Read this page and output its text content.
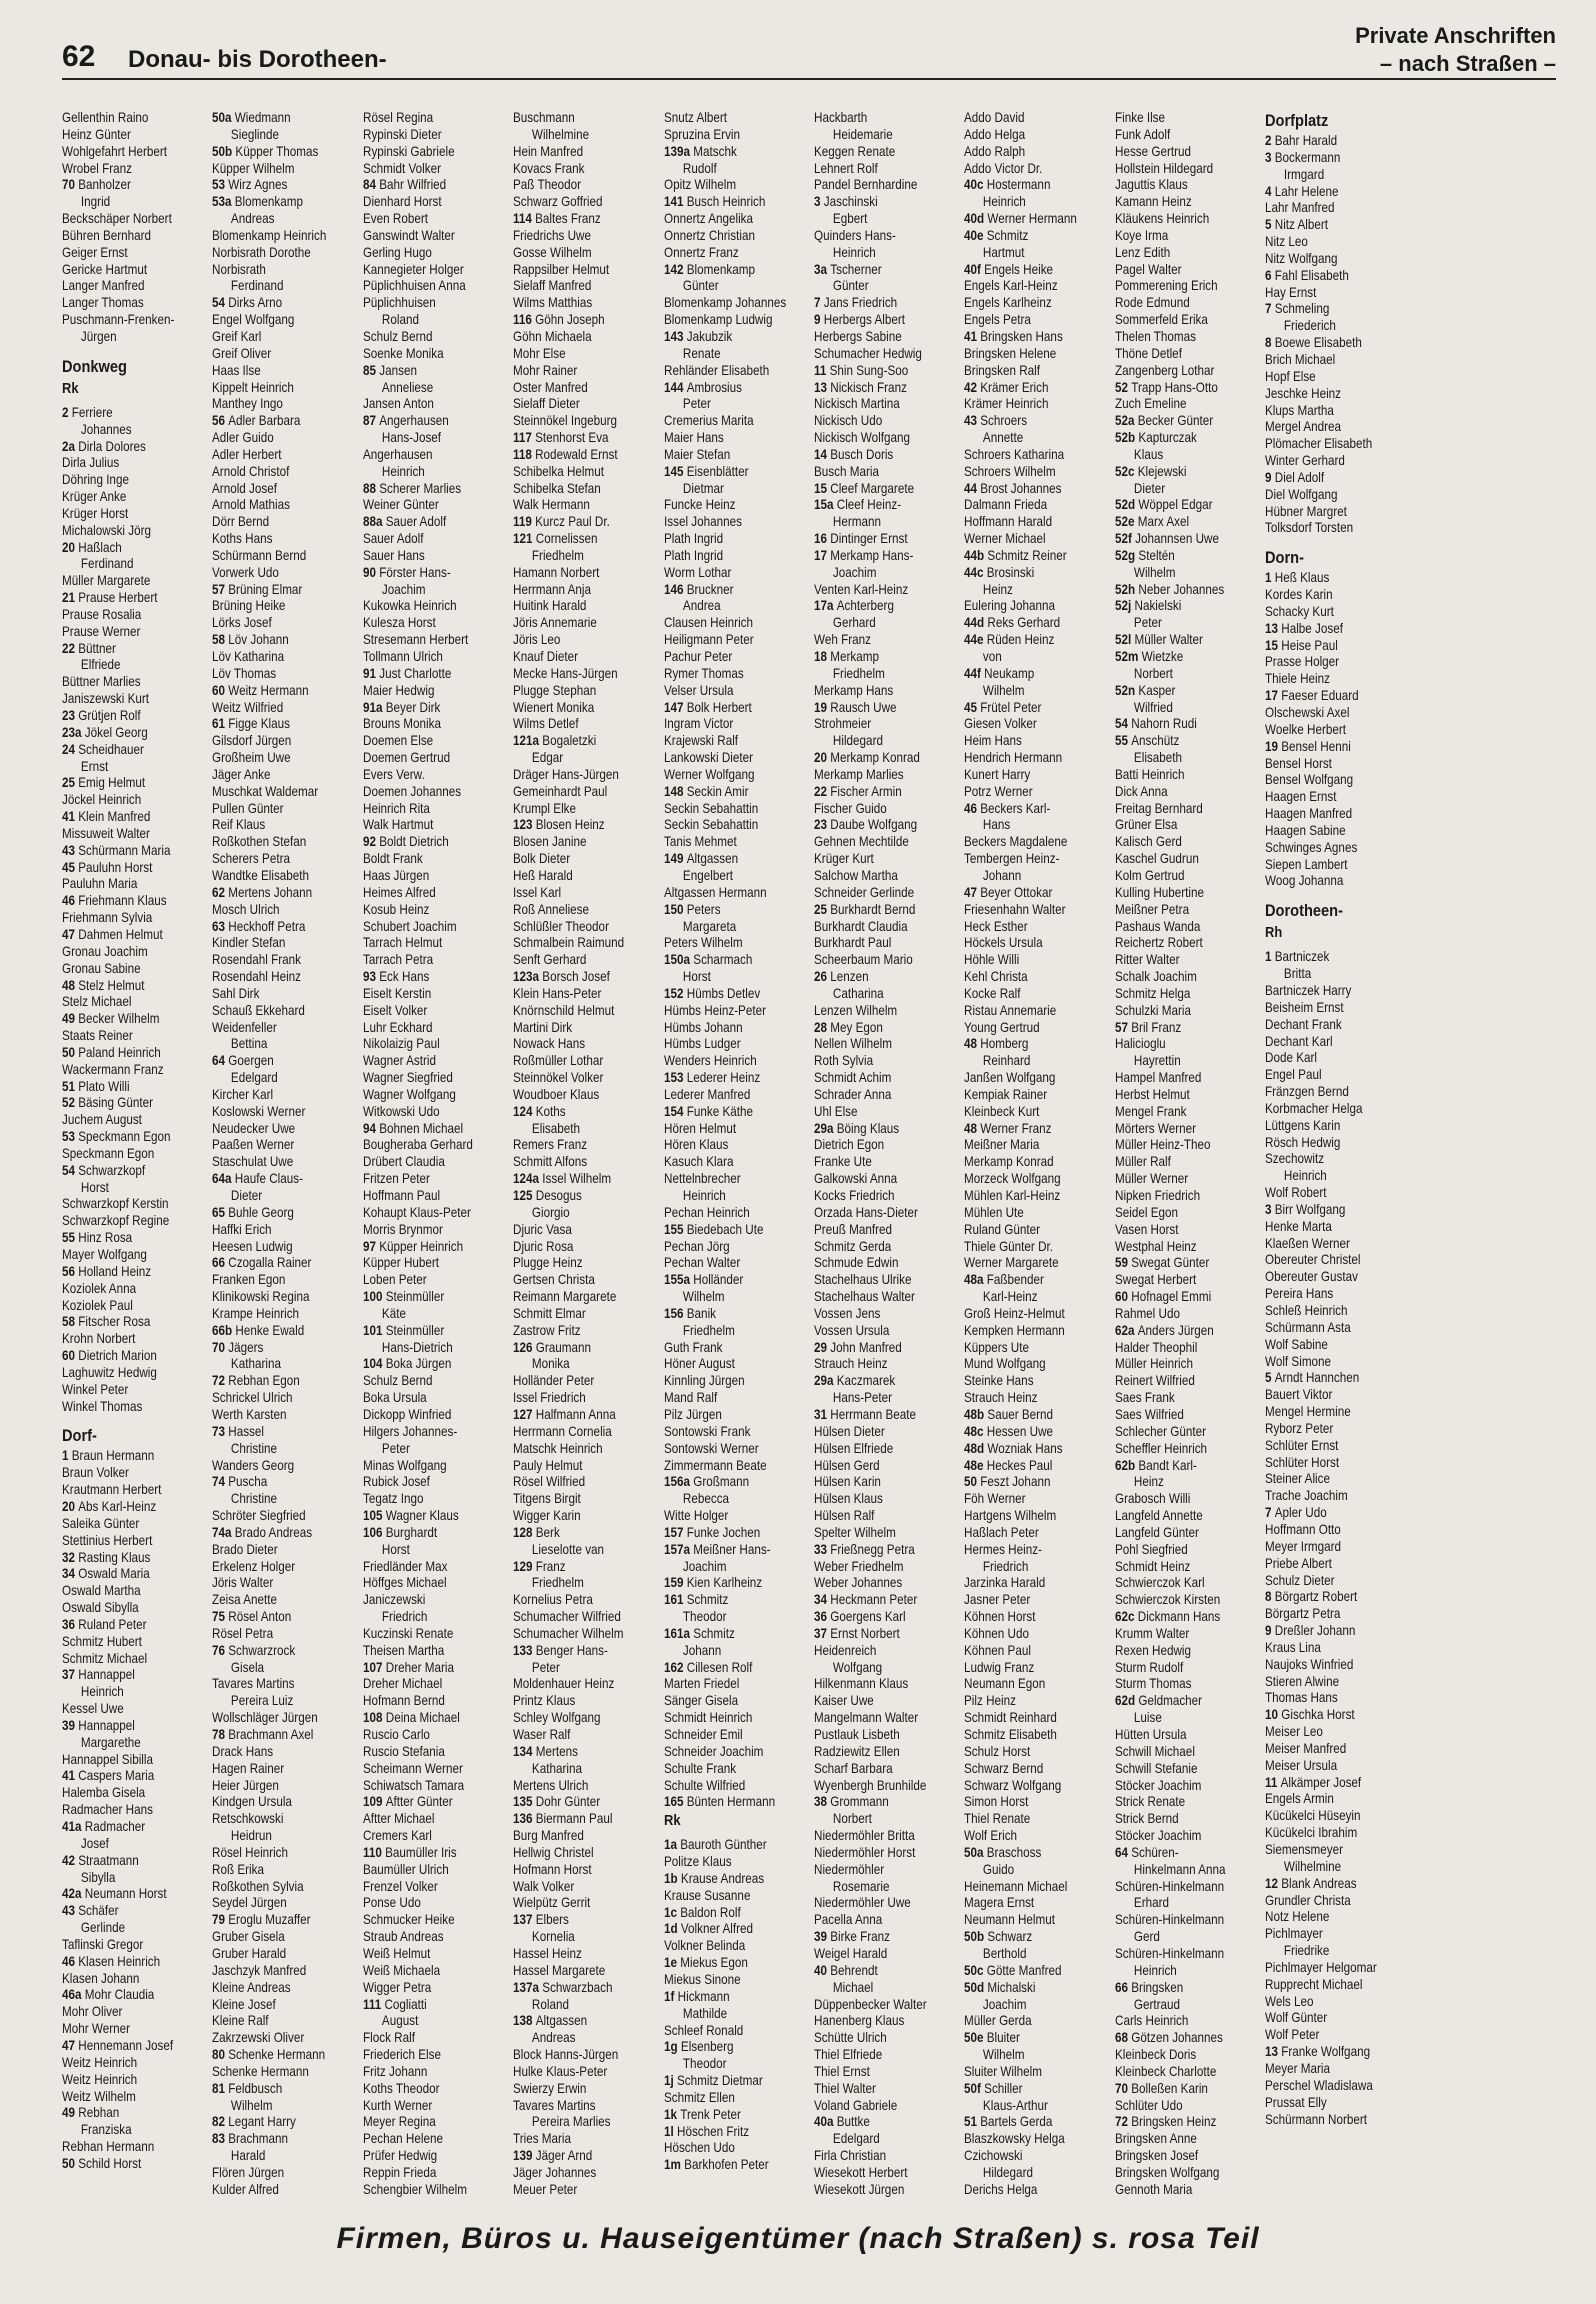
62 Donau- bis Dorotheen-
Private Anschriften
– nach Straßen –
Gellenthin Raino
Heinz Günter
Wohlgefahrt Herbert
Wrobel Franz
70 Banholzer
Ingrid
Beckschäper Norbert
Bühren Bernhard
Geiger Ernst
Gericke Hartmut
Langer Manfred
Langer Thomas
Puschmann-Frenken-
Jürgen
Donkweg
Rk
2 Ferriere
Johannes
2a Dirla Dolores
Dirla Julius
Döhring Inge
Krüger Anke
Krüger Horst
Michalowski Jörg
20 Haßlach
Ferdinand
Müller Margarete
21 Prause Herbert
Prause Rosalia
Prause Werner
22 Büttner
Elfriede
Büttner Marlies
Janiszewski Kurt
23 Grütjen Rolf
23a Jökel Georg
24 Scheidhauer
Ernst
25 Emig Helmut
Jöckel Heinrich
41 Klein Manfred
Missuweit Walter
43 Schürmann Maria
45 Pauluhn Horst
Pauluhn Maria
46 Friehmann Klaus
Friehmann Sylvia
47 Dahmen Helmut
Gronau Joachim
Gronau Sabine
48 Stelz Helmut
Stelz Michael
49 Becker Wilhelm
Staats Reiner
50 Paland Heinrich
Wackermann Franz
51 Plato Willi
52 Bäsing Günter
Juchem August
53 Speckmann Egon
Speckmann Egon
54 Schwarzkopf
Horst
Schwarzkopf Kerstin
Schwarzkopf Regine
55 Hinz Rosa
Mayer Wolfgang
56 Holland Heinz
Koziolek Anna
Koziolek Paul
58 Fitscher Rosa
Krohn Norbert
60 Dietrich Marion
Laghuwitz Hedwig
Winkel Peter
Winkel Thomas
Dorf-
1 Braun Hermann
Braun Volker
Krautmann Herbert
20 Abs Karl-Heinz
Saleika Günter
Stettinius Herbert
32 Rasting Klaus
34 Oswald Maria
Oswald Martha
Oswald Sibylla
36 Ruland Peter
Schmitz Hubert
Schmitz Michael
37 Hannappel
Heinrich
Kessel Uwe
39 Hannappel
Margarethe
Hannappel Sibilla
41 Caspers Maria
Halemba Gisela
Radmacher Hans
41a Radmacher
Josef
42 Straatmann
Sibylla
42a Neumann Horst
43 Schäfer
Gerlinde
Taflinski Gregor
46 Klasen Heinrich
Klasen Johann
46a Mohr Claudia
Mohr Oliver
Mohr Werner
47 Hennemann Josef
Weitz Heinrich
Weitz Heinrich
Weitz Wilhelm
49 Rebhan
Franziska
Rebhan Hermann
50 Schild Horst
50a Wiedmann
Sieglinde
50b Küpper Thomas
Küpper Wilhelm
53 Wirz Agnes
53a Blomenkamp
Andreas
Blomenkamp Heinrich
Norbisrath Dorothe
Norbisrath
Ferdinand
54 Dirks Arno
Engel Wolfgang
Greif Karl
Greif Oliver
Haas Ilse
Kippelt Heinrich
Manthey Ingo
56 Adler Barbara
Adler Guido
Adler Herbert
Arnold Christof
Arnold Josef
Arnold Mathias
Dörr Bernd
Koths Hans
Schürmann Bernd
Vorwerk Udo
57 Brüning Elmar
Brüning Heike
Lörks Josef
58 Löv Johann
Löv Katharina
Löv Thomas
60 Weitz Hermann
Weitz Wilfried
61 Figge Klaus
Gilsdorf Jürgen
Großheim Uwe
Jäger Anke
Muschkat Waldemar
Pullen Günter
Reif Klaus
Roßkothen Stefan
Scherers Petra
Wandtke Elisabeth
62 Mertens Johann
Mosch Ulrich
63 Heckhoff Petra
Kindler Stefan
Rosendahl Frank
Rosendahl Heinz
Sahl Dirk
Schauß Ekkehard
Weidenfeller
Bettina
64 Goergen
Edelgard
Kircher Karl
Koslowski Werner
Neudecker Uwe
Paaßen Werner
Staschulat Uwe
64a Haufe Claus-
Dieter
65 Buhle Georg
Haffki Erich
Heesen Ludwig
66 Czogalla Rainer
Franken Egon
Klinikowski Regina
Krampe Heinrich
66b Henke Ewald
70 Jägers
Katharina
72 Rebhan Egon
Schrickel Ulrich
Werth Karsten
73 Hassel
Christine
Wanders Georg
74 Puscha
Christine
Schröter Siegfried
74a Brado Andreas
Brado Dieter
Erkelenz Holger
Jöris Walter
Zeisa Anette
75 Rösel Anton
Rösel Petra
76 Schwarzrock
Gisela
Tavares Martins
Pereira Luiz
Wollschläger Jürgen
78 Brachmann Axel
Drack Hans
Hagen Rainer
Heier Jürgen
Kindgen Ursula
Retschkowski
Heidrun
Rösel Heinrich
Roß Erika
Roßkothen Sylvia
Seydel Jürgen
79 Eroglu Muzaffer
Gruber Gisela
Gruber Harald
Jaschzyk Manfred
Kleine Andreas
Kleine Josef
Kleine Ralf
Zakrzewski Oliver
80 Schenke Hermann
Schenke Hermann
81 Feldbusch
Wilhelm
82 Legant Harry
83 Brachmann
Harald
Flören Jürgen
Kulder Alfred
Rösel Regina
Rypinski Dieter
Rypinski Gabriele
Schmidt Volker
84 Bahr Wilfried
Dienhard Horst
Even Robert
Ganswindt Walter
Gerling Hugo
Kannegieter Holger
Püplichhuisen Anna
Püplichhuisen
Roland
Schulz Bernd
Soenke Monika
85 Jansen
Anneliese
Jansen Anton
87 Angerhausen
Hans-Josef
Angerhausen
Heinrich
88 Scherer Marlies
Weiner Günter
88a Sauer Adolf
Sauer Adolf
Sauer Hans
90 Förster Hans-
Joachim
Kukowka Heinrich
Kulesza Horst
Stresemann Herbert
Tollmann Ulrich
91 Just Charlotte
Maier Hedwig
91a Beyer Dirk
Brouns Monika
Doemen Else
Doemen Gertrud
Evers Verw.
Doemen Johannes
Heinrich Rita
Walk Hartmut
92 Boldt Dietrich
Boldt Frank
Haas Jürgen
Heimes Alfred
Kosub Heinz
Schubert Joachim
Tarrach Helmut
Tarrach Petra
93 Eck Hans
Eiselt Kerstin
Eiselt Volker
Luhr Eckhard
Nikolaizig Paul
Wagner Astrid
Wagner Siegfried
Wagner Wolfgang
Witkowski Udo
94 Bohnen Michael
Bougheraba Gerhard
Drübert Claudia
Fritzen Peter
Hoffmann Paul
Kohaupt Klaus-Peter
Morris Brynmor
97 Küpper Heinrich
Küpper Hubert
Loben Peter
100 Steinmüller
Käte
101 Steinmüller
Hans-Dietrich
104 Boka Jürgen
Schulz Bernd
Boka Ursula
Dickopp Winfried
Hilgers Johannes-
Peter
Minas Wolfgang
Rubick Josef
Tegatz Ingo
105 Wagner Klaus
106 Burghardt
Horst
Friedländer Max
Höffges Michael
Janiczewski
Friedrich
Kuczinski Renate
Theisen Martha
107 Dreher Maria
Dreher Michael
Hofmann Bernd
108 Deina Michael
Ruscio Carlo
Ruscio Stefania
Scheimann Werner
Schiwatsch Tamara
109 Aftter Günter
Aftter Michael
Cremers Karl
110 Baumüller Iris
Baumüller Ulrich
Frenzel Volker
Ponse Udo
Schmucker Heike
Straub Andreas
Weiß Helmut
Weiß Michaela
Wigger Petra
111 Cogliatti
August
Flock Ralf
Friederich Else
Fritz Johann
Koths Theodor
Kurth Werner
Meyer Regina
Pechan Helene
Prüfer Hedwig
Reppin Frieda
Schengbier Wilhelm
Buschmann
Wilhelmine
Hein Manfred
Kovacs Frank
Paß Theodor
Schwarz Goffried
114 Baltes Franz
Friedrichs Uwe
Gosse Wilhelm
Rappsilber Helmut
Sielaff Manfred
Wilms Matthias
116 Göhn Joseph
Göhn Michaela
Mohr Else
Mohr Rainer
Oster Manfred
Sielaff Dieter
Steinnökel Ingeburg
117 Stenhorst Eva
118 Rodewald Ernst
Schibelka Helmut
Schibelka Stefan
Walk Hermann
119 Kurcz Paul Dr.
121 Cornelissen
Friedhelm
Hamann Norbert
Herrmann Anja
Huitink Harald
Jöris Annemarie
Jöris Leo
Knauf Dieter
Mecke Hans-Jürgen
Plugge Stephan
Wienert Monika
Wilms Detlef
121a Bogaletzki
Edgar
Dräger Hans-Jürgen
Gemeinhardt Paul
Krumpl Elke
123 Blosen Heinz
Blosen Janine
Bolk Dieter
Heß Harald
Issel Karl
Roß Anneliese
Schlüßler Theodor
Schmalbein Raimund
Senft Gerhard
123a Borsch Josef
Klein Hans-Peter
Knörnschild Helmut
Martini Dirk
Nowack Hans
Roßmüller Lothar
Steinnökel Volker
Woudboer Klaus
124 Koths
Elisabeth
Remers Franz
Schmitt Alfons
124a Issel Wilhelm
125 Desogus
Giorgio
Djuric Vasa
Djuric Rosa
Plugge Heinz
Gertsen Christa
Reimann Margarete
Schmitt Elmar
Zastrow Fritz
126 Graumann
Monika
Holländer Peter
Issel Friedrich
127 Halfmann Anna
Herrmann Cornelia
Matschk Heinrich
Pauly Helmut
Rösel Wilfried
Titgens Birgit
Wigger Karin
128 Berk
Lieselotte van
129 Franz
Friedhelm
Kornelius Petra
Schumacher Wilfried
Schumacher Wilhelm
133 Benger Hans-
Peter
Moldenhauer Heinz
Printz Klaus
Schley Wolfgang
Waser Ralf
134 Mertens
Katharina
Mertens Ulrich
135 Dohr Günter
136 Biermann Paul
Burg Manfred
Hellwig Christel
Hofmann Horst
Walk Volker
Wielpütz Gerrit
137 Elbers
Kornelia
Hassel Heinz
Hassel Margarete
137a Schwarzbach
Roland
138 Altgassen
Andreas
Block Hanns-Jürgen
Hulke Klaus-Peter
Swierzy Erwin
Tavares Martins
Pereira Marlies
Tries Maria
139 Jäger Arnd
Jäger Johannes
Meuer Peter
Snutz Albert
Spruzina Ervin
139a Matschk
Rudolf
Opitz Wilhelm
141 Busch Heinrich
Onnertz Angelika
Onnertz Christian
Onnertz Franz
142 Blomenkamp
Günter
Blomenkamp Johannes
Blomenkamp Ludwig
143 Jakubzik
Renate
Rehländer Elisabeth
144 Ambrosius
Peter
Cremerius Marita
Maier Hans
Maier Stefan
145 Eisenblätter
Dietmar
Funcke Heinz
Issel Johannes
Plath Ingrid
Plath Ingrid
Worm Lothar
146 Bruckner
Andrea
Clausen Heinrich
Heiligmann Peter
Pachur Peter
Rymer Thomas
Velser Ursula
147 Bolk Herbert
Ingram Victor
Krajewski Ralf
Lankowski Dieter
Werner Wolfgang
148 Seckin Amir
Seckin Sebahattin
Seckin Sebahattin
Tanis Mehmet
149 Altgassen
Engelbert
Altgassen Hermann
150 Peters
Margareta
Peters Wilhelm
150a Scharmach
Horst
152 Hümbs Detlev
Hümbs Heinz-Peter
Hümbs Johann
Hümbs Ludger
Wenders Heinrich
153 Lederer Heinz
Lederer Manfred
154 Funke Käthe
Hören Helmut
Hören Klaus
Kasuch Klara
Nettelnbrecher
Heinrich
Pechan Heinrich
155 Biedebach Ute
Pechan Jörg
Pechan Walter
155a Holländer
Wilhelm
156 Banik
Friedhelm
Guth Frank
Höner August
Kinnling Jürgen
Mand Ralf
Pilz Jürgen
Sontowski Frank
Sontowski Werner
Zimmermann Beate
156a Großmann
Rebecca
Witte Holger
157 Funke Jochen
157a Meißner Hans-
Joachim
159 Kien Karlheinz
161 Schmitz
Theodor
161a Schmitz
Johann
162 Cillesen Rolf
Marten Friedel
Sänger Gisela
Schmidt Heinrich
Schneider Emil
Schneider Joachim
Schulte Frank
Schulte Wilfried
165 Bünten Hermann
Rk
1a Bauroth Günther
Politze Klaus
1b Krause Andreas
Krause Susanne
1c Baldon Rolf
1d Volkner Alfred
Volkner Belinda
1e Miekus Egon
Miekus Sinone
1f Hickmann
Mathilde
Schleef Ronald
1g Elsenberg
Theodor
1j Schmitz Dietmar
Schmitz Ellen
1k Trenk Peter
1l Höschen Fritz
Höschen Udo
1m Barkhofen Peter
Hackbarth
Heidemarie
Keggen Renate
Lehnert Rolf
Pandel Bernhardine
3 Jaschinski
Egbert
Quinders Hans-
Heinrich
3a Tscherner
Günter
7 Jans Friedrich
9 Herbergs Albert
Herbergs Sabine
Schumacher Hedwig
11 Shin Sung-Soo
13 Nickisch Franz
Nickisch Martina
Nickisch Udo
Nickisch Wolfgang
14 Busch Doris
Busch Maria
15 Cleef Margarete
15a Cleef Heinz-
Hermann
16 Dintinger Ernst
17 Merkamp Hans-
Joachim
Venten Karl-Heinz
17a Achterberg
Gerhard
Weh Franz
18 Merkamp
Friedhelm
Merkamp Hans
19 Rausch Uwe
Strohmeier
Hildegard
20 Merkamp Konrad
Merkamp Marlies
22 Fischer Armin
Fischer Guido
23 Daube Wolfgang
Gehnen Mechtilde
Krüger Kurt
Salchow Martha
Schneider Gerlinde
25 Burkhardt Bernd
Burkhardt Claudia
Burkhardt Paul
Scheerbaum Mario
26 Lenzen
Catharina
Lenzen Wilhelm
28 Mey Egon
Nellen Wilhelm
Roth Sylvia
Schmidt Achim
Schrader Anna
Uhl Else
29a Böing Klaus
Dietrich Egon
Franke Ute
Galkowski Anna
Kocks Friedrich
Orzada Hans-Dieter
Preuß Manfred
Schmitz Gerda
Schmude Edwin
Stachelhaus Ulrike
Stachelhaus Walter
Vossen Jens
Vossen Ursula
29 John Manfred
Strauch Heinz
29a Kaczmarek
Hans-Peter
31 Herrmann Beate
Hülsen Dieter
Hülsen Elfriede
Hülsen Gerd
Hülsen Karin
Hülsen Klaus
Hülsen Ralf
Spelter Wilhelm
33 Frießnegg Petra
Weber Friedhelm
Weber Johannes
34 Heckmann Peter
36 Goergens Karl
37 Ernst Norbert
Heidenreich
Wolfgang
Hilkenmann Klaus
Kaiser Uwe
Mangelmann Walter
Pustlauk Lisbeth
Radziewitz Ellen
Scharf Barbara
Wyenbergh Brunhilde
38 Grommann
Norbert
Niedermöhler Britta
Niedermöhler Horst
Niedermöhler
Rosemarie
Niedermöhler Uwe
Pacella Anna
39 Birke Franz
Weigel Harald
40 Behrendt
Michael
Düppenbecker Walter
Hanenberg Klaus
Schütte Ulrich
Thiel Elfriede
Thiel Ernst
Thiel Walter
Voland Gabriele
40a Buttke
Edelgard
Firla Christian
Wiesekott Herbert
Wiesekott Jürgen
Addo David
Addo Helga
Addo Ralph
Addo Victor Dr.
40c Hostermann
Heinrich
40d Werner Hermann
40e Schmitz
Hartmut
40f Engels Heike
Engels Karl-Heinz
Engels Karlheinz
Engels Petra
41 Bringsken Hans
Bringsken Helene
Bringsken Ralf
42 Krämer Erich
Krämer Heinrich
43 Schroers
Annette
Schroers Katharina
Schroers Wilhelm
44 Brost Johannes
Dalmann Frieda
Hoffmann Harald
Werner Michael
44b Schmitz Reiner
44c Brosinski
Heinz
Eulering Johanna
44d Reks Gerhard
44e Rüden Heinz
von
44f Neukamp
Wilhelm
45 Frütel Peter
Giesen Volker
Heim Hans
Hendrich Hermann
Kunert Harry
Potrz Werner
46 Beckers Karl-
Hans
Beckers Magdalene
Tembergen Heinz-
Johann
47 Beyer Ottokar
Friesenhahn Walter
Heck Esther
Höckels Ursula
Höhle Willi
Kehl Christa
Kocke Ralf
Ristau Annemarie
Young Gertrud
48 Homberg
Reinhard
Janßen Wolfgang
Kempiak Rainer
Kleinbeck Kurt
48 Werner Franz
Meißner Maria
Merkamp Konrad
Morzeck Wolfgang
Mühlen Karl-Heinz
Mühlen Ute
Ruland Günter
Thiele Günter Dr.
Werner Margarete
48a Faßbender
Karl-Heinz
Groß Heinz-Helmut
Kempken Hermann
Küppers Ute
Mund Wolfgang
Steinke Hans
Strauch Heinz
48b Sauer Bernd
48c Hessen Uwe
48d Wozniak Hans
48e Heckes Paul
50 Feszt Johann
Föh Werner
Hartgens Wilhelm
Haßlach Peter
Hermes Heinz-
Friedrich
Jarzinka Harald
Jasner Peter
Köhnen Horst
Köhnen Udo
Köhnen Paul
Ludwig Franz
Neumann Egon
Pilz Heinz
Schmidt Reinhard
Schmitz Elisabeth
Schulz Horst
Schwarz Bernd
Schwarz Wolfgang
Simon Horst
Thiel Renate
Wolf Erich
50a Braschoss
Guido
Heinemann Michael
Magera Ernst
Neumann Helmut
50b Schwarz
Berthold
50c Götte Manfred
50d Michalski
Joachim
Müller Gerda
50e Bluiter
Wilhelm
Sluiter Wilhelm
50f Schiller
Klaus-Arthur
51 Bartels Gerda
Blaszkowsky Helga
Czichowski
Hildegard
Derichs Helga
Finke Ilse
Funk Adolf
Hesse Gertrud
Hollstein Hildegard
Jaguttis Klaus
Kamann Heinz
Kläukens Heinrich
Koye Irma
Lenz Edith
Pagel Walter
Pommerening Erich
Rode Edmund
Sommerfeld Erika
Thelen Thomas
Thöne Detlef
Zangenberg Lothar
52 Trapp Hans-Otto
Zuch Emeline
52a Becker Günter
52b Kapturczak
Klaus
52c Klejewski
Dieter
52d Wöppel Edgar
52e Marx Axel
52f Johannsen Uwe
52g Steltén
Wilhelm
52h Neber Johannes
52j Nakielski
Peter
52l Müller Walter
52m Wietzke
Norbert
52n Kasper
Wilfried
54 Nahorn Rudi
55 Anschütz
Elisabeth
Batti Heinrich
Dick Anna
Freitag Bernhard
Grüner Elsa
Kalisch Gerd
Kaschel Gudrun
Kolm Gertrud
Kulling Hubertine
Meißner Petra
Pashaus Wanda
Reichertz Robert
Ritter Walter
Schalk Joachim
Schmitz Helga
Schulzki Maria
57 Bril Franz
Halicioglu
Hayrettin
Hampel Manfred
Herbst Helmut
Mengel Frank
Mörters Werner
Müller Heinz-Theo
Müller Ralf
Müller Werner
Nipken Friedrich
Seidel Egon
Vasen Horst
Westphal Heinz
59 Swegat Günter
Swegat Herbert
60 Hofnagel Emmi
Rahmel Udo
62a Anders Jürgen
Halder Theophil
Müller Heinrich
Reinert Wilfried
Saes Frank
Saes Wilfried
Schlecher Günter
Scheffler Heinrich
62b Bandt Karl-
Heinz
Grabosch Willi
Langfeld Annette
Langfeld Günter
Pohl Siegfried
Schmidt Heinz
Schwierczok Karl
Schwierczok Kirsten
62c Dickmann Hans
Krumm Walter
Rexen Hedwig
Sturm Rudolf
Sturm Thomas
62d Geldmacher
Luise
Hütten Ursula
Schwill Michael
Schwill Stefanie
Stöcker Joachim
Strick Renate
Strick Bernd
Stöcker Joachim
64 Schüren-
Hinkelmann Anna
Schüren-Hinkelmann
Erhard
Schüren-Hinkelmann
Gerd
Schüren-Hinkelmann
Heinrich
66 Bringsken
Gertraud
Carls Heinrich
68 Götzen Johannes
Kleinbeck Doris
Kleinbeck Charlotte
70 Bolleßen Karin
Schlüter Udo
72 Bringsken Heinz
Bringsken Anne
Bringsken Josef
Bringsken Wolfgang
Gennoth Maria
Dorfplatz
2 Bahr Harald
3 Bockermann
Irmgard
4 Lahr Helene
Lahr Manfred
5 Nitz Albert
Nitz Leo
Nitz Wolfgang
6 Fahl Elisabeth
Hay Ernst
7 Schmeling
Friederich
8 Boewe Elisabeth
Brich Michael
Hopf Else
Jeschke Heinz
Klups Martha
Mergel Andrea
Plömacher Elisabeth
Winter Gerhard
9 Diel Adolf
Diel Wolfgang
Hübner Margret
Tolksdorf Torsten
Dorn-
1 Heß Klaus
Kordes Karin
Schacky Kurt
13 Halbe Josef
15 Heise Paul
Prasse Holger
Thiele Heinz
17 Faeser Eduard
Olschewski Axel
Woelke Herbert
19 Bensel Henni
Bensel Horst
Bensel Wolfgang
Haagen Ernst
Haagen Manfred
Haagen Sabine
Schwinges Agnes
Siepen Lambert
Woog Johanna
Dorotheen-
Rh
1 Bartniczek
Britta
Bartniczek Harry
Beisheim Ernst
Dechant Frank
Dechant Karl
Dode Karl
Engel Paul
Fränzgen Bernd
Korbmacher Helga
Lüttgens Karin
Rösch Hedwig
Szechowitz
Heinrich
Wolf Robert
3 Birr Wolfgang
Henke Marta
Klaeßen Werner
Obereuter Christel
Obereuter Gustav
Pereira Hans
Schleß Heinrich
Schürmann Asta
Wolf Sabine
Wolf Simone
5 Arndt Hannchen
Bauert Viktor
Mengel Hermine
Ryborz Peter
Schlüter Ernst
Schlüter Horst
Steiner Alice
Trache Joachim
7 Apler Udo
Hoffmann Otto
Meyer Irmgard
Priebe Albert
Schulz Dieter
8 Börgartz Robert
Börgartz Petra
9 Dreßler Johann
Kraus Lina
Naujoks Winfried
Stieren Alwine
Thomas Hans
10 Gischka Horst
Meiser Leo
Meiser Manfred
Meiser Ursula
11 Alkämper Josef
Engels Armin
Kücükelci Hüseyin
Kücükelci Ibrahim
Siemensmeyer
Wilhelmine
12 Blank Andreas
Grundler Christa
Notz Helene
Pichlmayer
Friedrike
Pichlmayer Helgomar
Rupprecht Michael
Wels Leo
Wolf Günter
Wolf Peter
13 Franke Wolfgang
Meyer Maria
Perschel Wladislawa
Prussat Elly
Schürmann Norbert
Firmen, Büros u. Hauseigentümer (nach Straßen) s. rosa Teil
